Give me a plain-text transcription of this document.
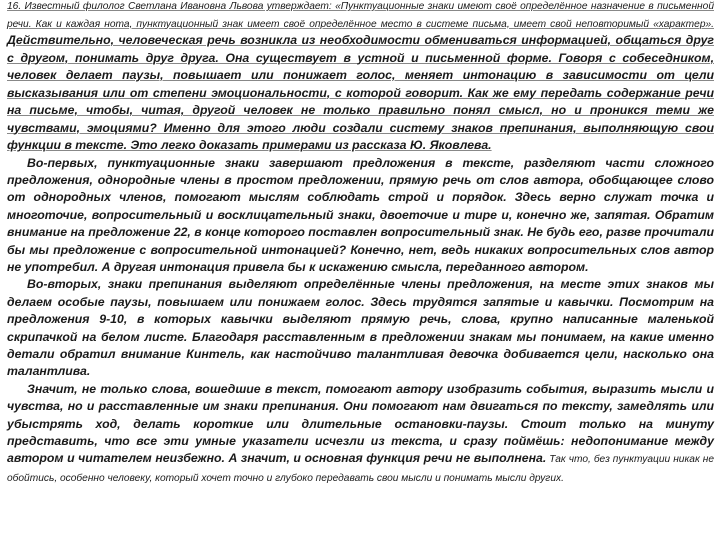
16. Известный филолог Светлана Ивановна Львова утверждает: «Пунктуационные знаки имеют своё определённое назначение в письменной речи. Как и каждая нота, пунктуационный знак имеет своё определённое место в системе письма, имеет свой неповторимый «характер». Действительно, человеческая речь возникла из необходимости обмениваться информацией, общаться друг с другом, понимать друг друга. Она существует в устной и письменной форме. Говоря с собеседником, человек делает паузы, повышает или понижает голос, меняет интонацию в зависимости от цели высказывания или от степени эмоциональности, с которой говорит. Как же ему передать содержание речи на письме, чтобы, читая, другой человек не только правильно понял смысл, но и проникся теми же чувствами, эмоциями? Именно для этого люди создали систему знаков препинания, выполняющую свои функции в тексте. Это легко доказать примерами из рассказа Ю. Яковлева.

Во-первых, пунктуационные знаки завершают предложения в тексте, разделяют части сложного предложения, однородные члены в простом предложении, прямую речь от слов автора, обобщающее слово от однородных членов, помогают мыслям соблюдать строй и порядок. Здесь верно служат точка и многоточие, вопросительный и восклицательный знаки, двоеточие и тире и, конечно же, запятая. Обратим внимание на предложение 22, в конце которого поставлен вопросительный знак. Не будь его, разве прочитали бы мы предложение с вопросительной интонацией? Конечно, нет, ведь никаких вопросительных слов автор не употребил. А другая интонация привела бы к искажению смысла, переданного автором.

Во-вторых, знаки препинания выделяют определённые члены предложения, на месте этих знаков мы делаем особые паузы, повышаем или понижаем голос. Здесь трудятся запятые и кавычки. Посмотрим на предложения 9-10, в которых кавычки выделяют прямую речь, слова, крупно написанные маленькой скрипачкой на белом листе. Благодаря расставленным в предложении знакам мы понимаем, на какие именно детали обратил внимание Кинтель, как настойчиво талантливая девочка добивается цели, насколько она талантлива.

Значит, не только слова, вошедшие в текст, помогают автору изобразить события, выразить мысли и чувства, но и расставленные им знаки препинания. Они помогают нам двигаться по тексту, замедлять или убыстрять ход, делать короткие или длительные остановки-паузы. Стоит только на минуту представить, что все эти умные указатели исчезли из текста, и сразу поймёшь: недопонимание между автором и читателем неизбежно. А значит, и основная функция речи не выполнена. Так что, без пунктуации никак не обойтись, особенно человеку, который хочет точно и глубоко передавать свои мысли и понимать мысли других.
